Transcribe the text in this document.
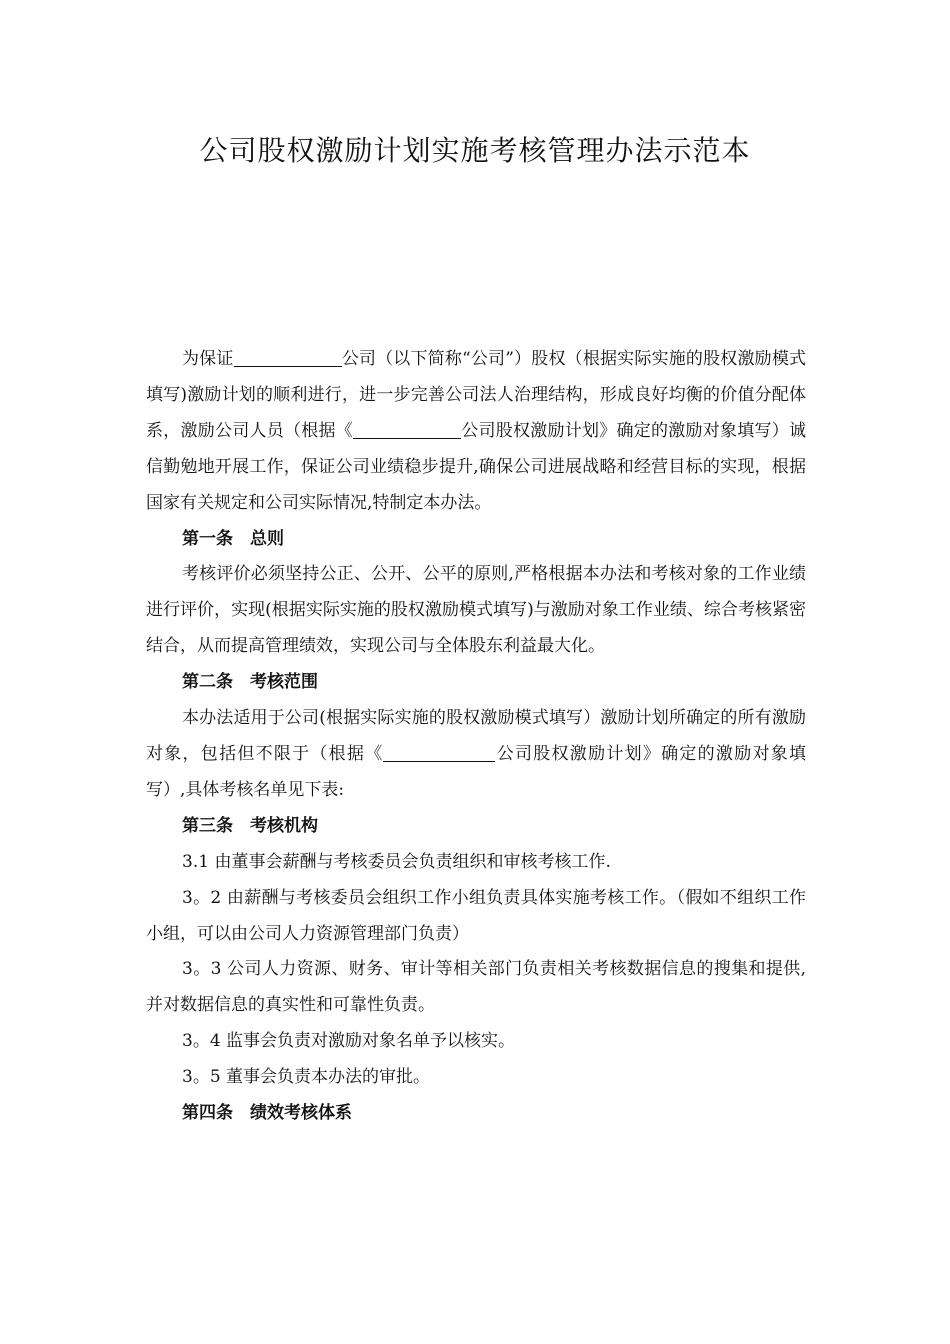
公司股权激励计划实施考核管理办法示范本

为保证	公司（以下简称“公司”）股权（根据实际实施的股权激励模式填写)激励计划的顺利进行，进一步完善公司法人治理结构，形成良好均衡的价值分配体系，激励公司人员（根据《	公司股权激励计划》确定的激励对象填写）诚信勤勉地开展工作，保证公司业绩稳步提升,确保公司进展战略和经营目标的实现，根据国家有关规定和公司实际情况,特制定本办法。

第一条　总则

考核评价必须坚持公正、公开、公平的原则,严格根据本办法和考核对象的工作业绩进行评价，实现(根据实际实施的股权激励模式填写)与激励对象工作业绩、综合考核紧密结合，从而提高管理绩效，实现公司与全体股东利益最大化。

第二条　考核范围

本办法适用于公司(根据实际实施的股权激励模式填写）激励计划所确定的所有激励对象，包括但不限于（根据《	公司股权激励计划》确定的激励对象填写）,具体考核名单见下表:

第三条　考核机构

3.1 由董事会薪酬与考核委员会负责组织和审核考核工作.

3。2 由薪酬与考核委员会组织工作小组负责具体实施考核工作。（假如不组织工作小组，可以由公司人力资源管理部门负责）

3。3 公司人力资源、财务、审计等相关部门负责相关考核数据信息的搜集和提供,并对数据信息的真实性和可靠性负责。

3。4 监事会负责对激励对象名单予以核实。

3。5 董事会负责本办法的审批。

第四条　绩效考核体系
